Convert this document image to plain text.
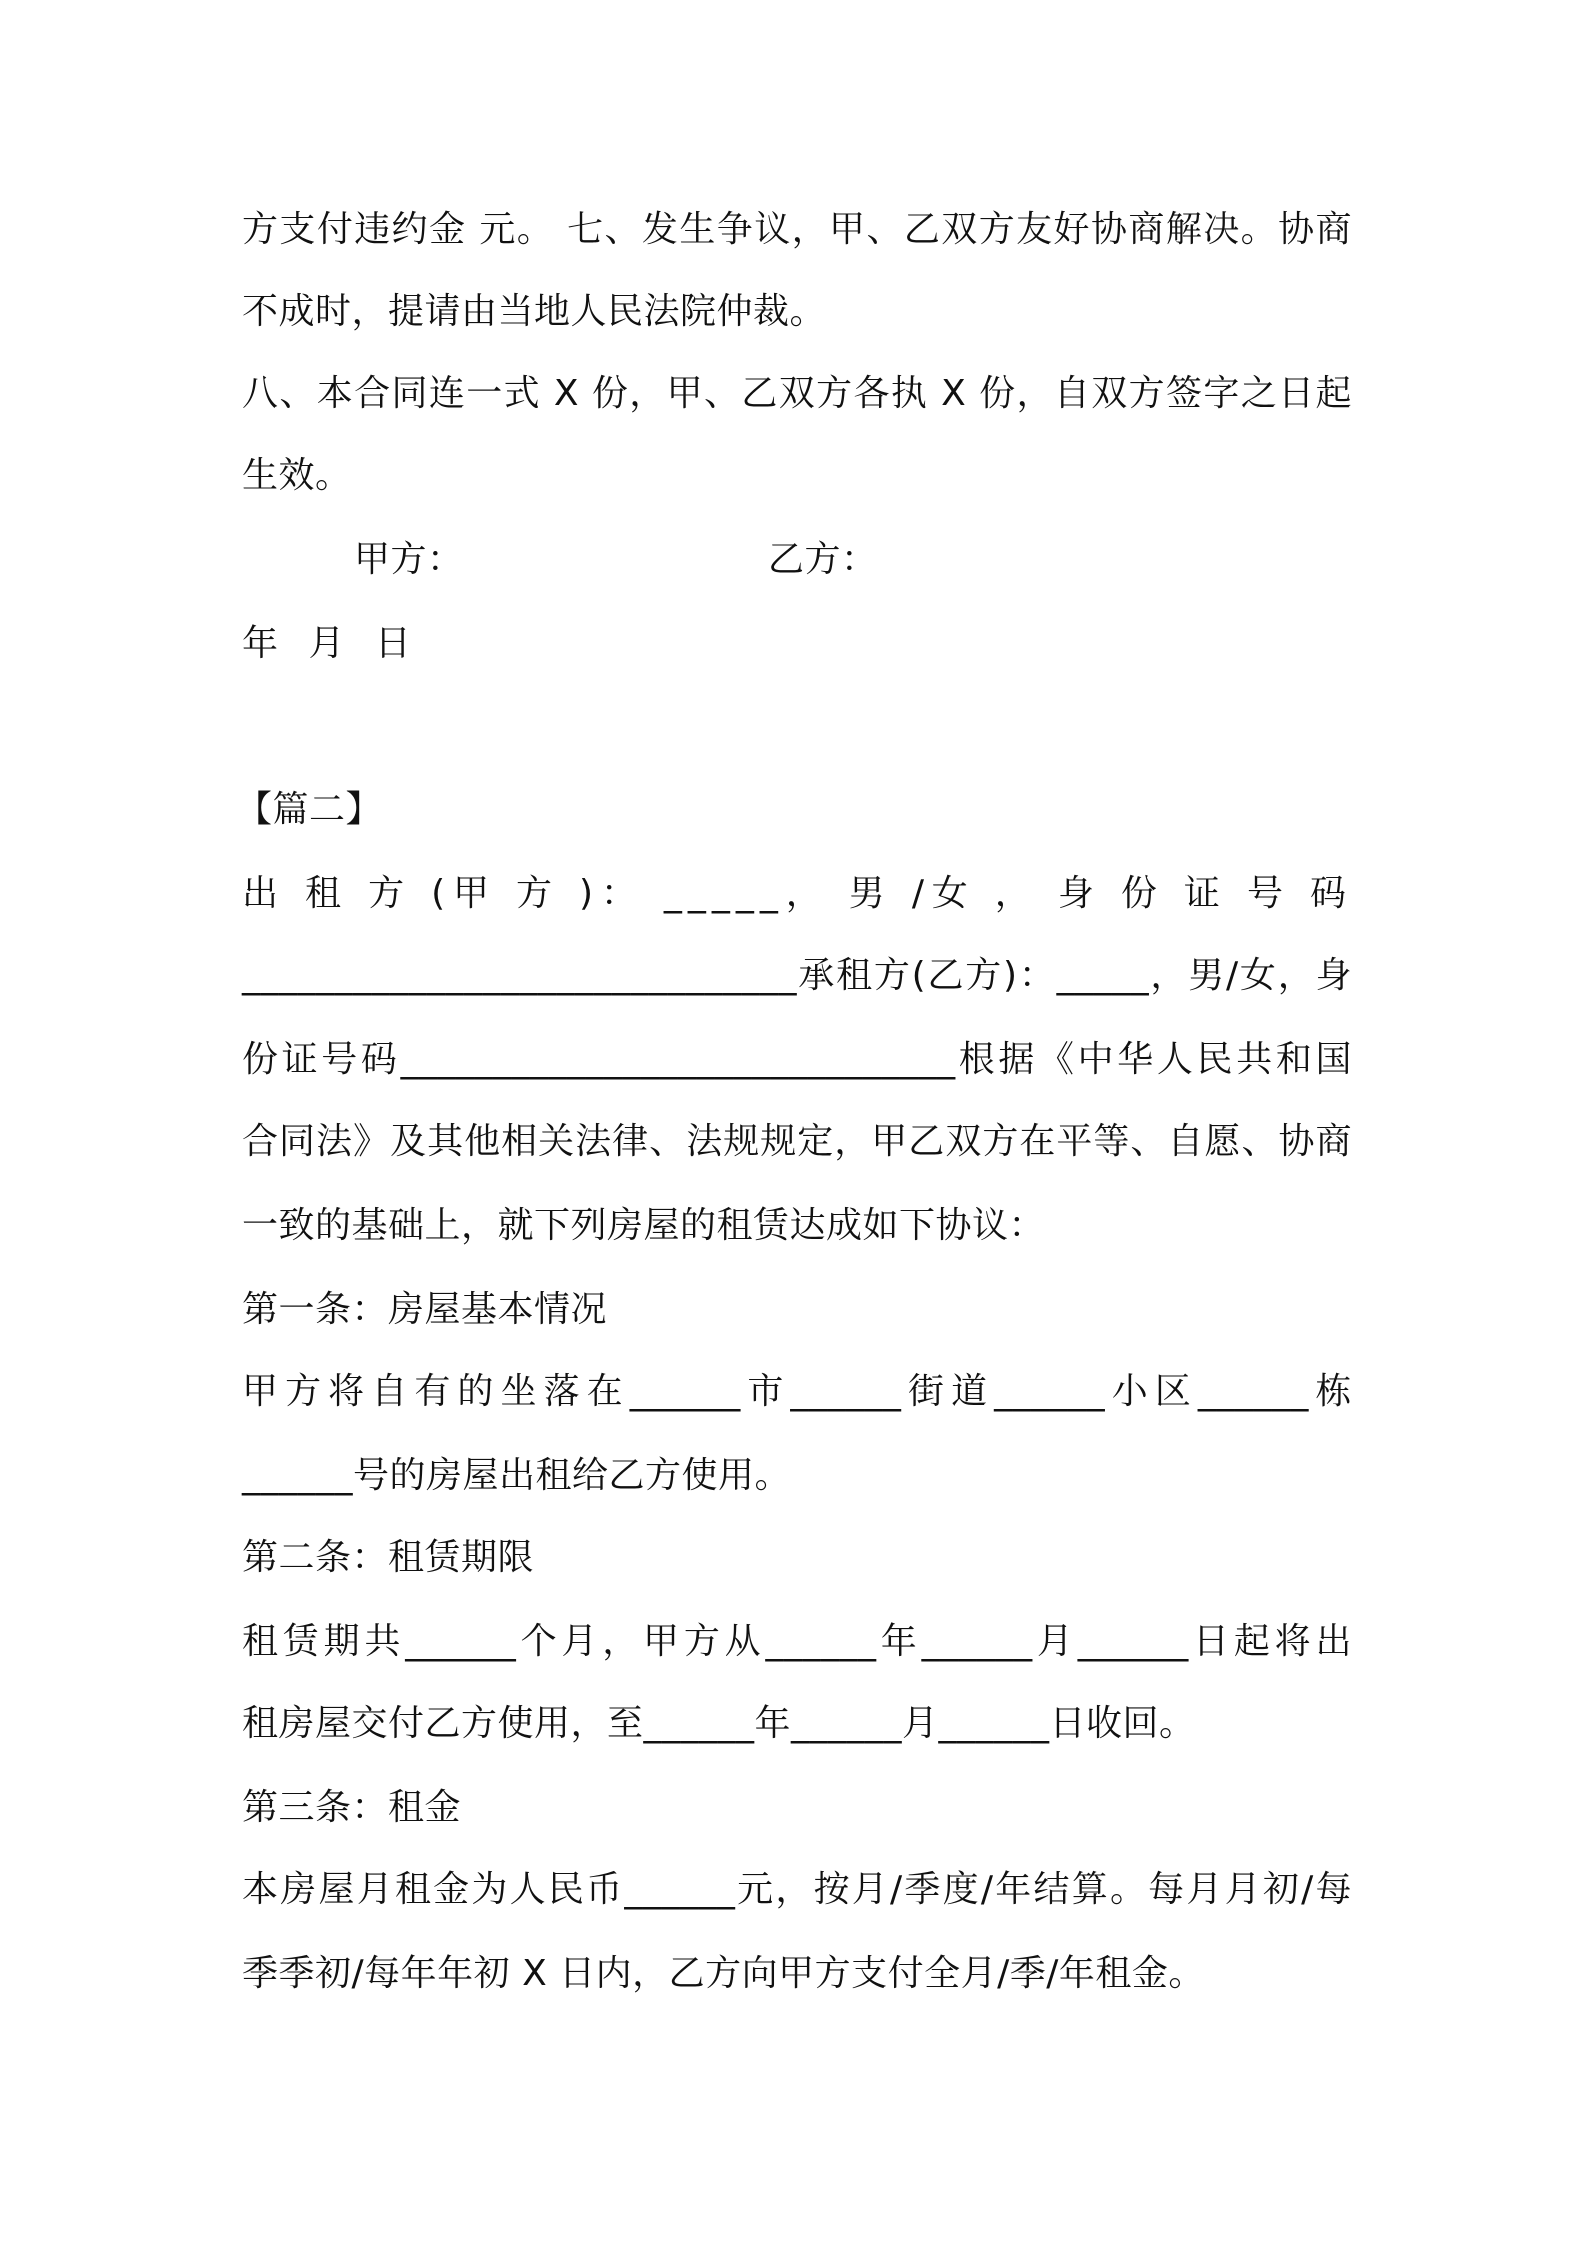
方支付违约金 元。 七、发生争议，甲、乙双方友好协商解决。协商
不成时，提请由当地人民法院仲裁。
八、本合同连一式 X 份，甲、乙双方各执 X 份，自双方签字之日起
生效。
甲方：	乙方：
年 月 日
【篇二】
出 租 方 (甲 方 )： _____， 男 /女 ， 身 份 证 号 码
______________________________承租方(乙方)：_____，男/女，身
份证号码______________________________根据《中华人民共和国
合同法》及其他相关法律、法规规定，甲乙双方在平等、自愿、协商
一致的基础上，就下列房屋的租赁达成如下协议：
第一条：房屋基本情况
甲方将自有的坐落在______市______街道______小区______栋
______号的房屋出租给乙方使用。
第二条：租赁期限
租赁期共______个月，甲方从______年______月______日起将出
租房屋交付乙方使用，至______年______月______日收回。
第三条：租金
本房屋月租金为人民币______元，按月/季度/年结算。每月月初/每
季季初/每年年初 X 日内，乙方向甲方支付全月/季/年租金。
